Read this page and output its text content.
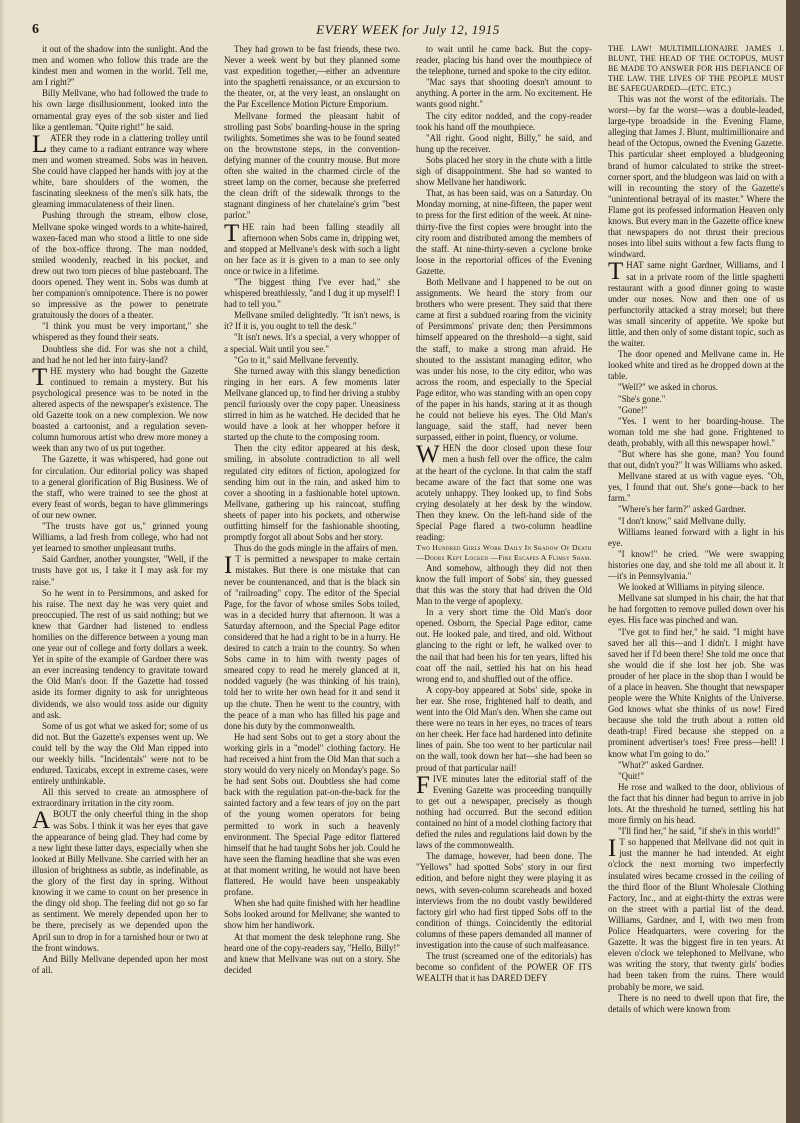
6	EVERY WEEK for July 12, 1915

it out of the shadow into the sunlight. And the men and women who follow this trade are the kindest men and women in the world. Tell me, am I right?"

Billy Mellvane, who had followed the trade to his own large disillusionment, looked into the ornamental gray eyes of the sob sister and lied like a gentleman. "Quite right!" he said.

LATER they rode in a clattering trolley until they came to a radiant entrance way where men and women streamed. Sobs was in heaven. She could have clapped her hands with joy at the white, bare shoulders of the women, the fascinating sleekness of the men's silk hats, the gleaming immaculateness of their linen.

Pushing through the stream, elbow close, Mellvane spoke winged words to a white-haired, waxen-faced man who stood a little to one side of the box-office throng. The man nodded, smiled woodenly, reached in his pocket, and drew out two torn pieces of blue pasteboard. The doors opened. They went in. Sobs was dumb at her companion's omnipotence. There is no power so impressive as the power to penetrate gratuitously the doors of a theater.

"I think you must be very important," she whispered as they found their seats.

Doubtless she did. For was she not a child, and had he not led her into fairy-land?

THE mystery who had bought the Gazette continued to remain a mystery. But his psychological presence was to be noted in the altered aspects of the newspaper's existence. The old Gazette took on a new complexion. We now boasted a cartoonist, and a regulation seven-column humorous artist who drew more money a week than any two of us put together.

The Gazette, it was whispered, had gone out for circulation. Our editorial policy was shaped to a general glorification of Big Business. We of the staff, who were trained to see the ghost at every feast of words, began to have glimmerings of our new owner.

"The trusts have got us," grinned young Williams, a lad fresh from college, who had not yet learned to smother unpleasant truths.

Said Gardner, another youngster, "Well, if the trusts have got us, I take it I may ask for my raise."

So he went in to Persimmons, and asked for his raise. The next day he was very quiet and preoccupied. The rest of us said nothing; but we knew that Gardner had listened to endless homilies on the difference between a young man one year out of college and forty dollars a week. Yet in spite of the example of Gardner there was an ever increasing tendency to gravitate toward the Old Man's door. If the Gazette had tossed aside its former dignity to ask for unrighteous dividends, we also would toss aside our dignity and ask.

Some of us got what we asked for; some of us did not. But the Gazette's expenses went up. We could tell by the way the Old Man ripped into our weekly bills. "Incidentals" were not to be endured. Taxicabs, except in extreme cases, were entirely unthinkable.

All this served to create an atmosphere of extraordinary irritation in the city room.

ABOUT the only cheerful thing in the shop was Sobs. I think it was her eyes that gave the appearance of being glad. They had come by a new light these latter days, especially when she looked at Billy Mellvane. She carried with her an illusion of brightness as subtle, as indefinable, as the glory of the first day in spring. Without knowing it we came to count on her presence in the dingy old shop. The feeling did not go so far as sentiment. We merely depended upon her to be there, precisely as we depended upon the April sun to drop in for a tarnished hour or two at the front windows.

And Billy Mellvane depended upon her most of all.

They had grown to be fast friends, these two. Never a week went by but they planned some vast expedition together,—either an adventure into the spaghetti renaissance, or an excursion to the theater, or, at the very least, an onslaught on the Par Excellence Motion Picture Emporium.

Mellvane formed the pleasant habit of strolling past Sobs' boarding-house in the spring twilights. Sometimes she was to be found seated on the brownstone steps, in the convention-defying manner of the country mouse. But more often she waited in the charmed circle of the street lamp on the corner, because she preferred the clean drift of the sidewalk throngs to the stagnant dinginess of her chatelaine's grim "best parlor."

THE rain had been falling steadily all afternoon when Sobs came in, dripping wet, and stopped at Mellvane's desk with such a light on her face as it is given to a man to see only once or twice in a lifetime.

"The biggest thing I've ever had," she whispered breathlessly, "and I dug it up myself! I had to tell you."

Mellvane smiled delightedly. "It isn't news, is it? If it is, you ought to tell the desk."

"It isn't news. It's a special, a very whopper of a special. Wait until you see."

"Go to it," said Mellvane fervently.

She turned away with this slangy benediction ringing in her ears. A few moments later Mellvane glanced up, to find her driving a stubby pencil furiously over the copy paper. Uneasiness stirred in him as he watched. He decided that he would have a look at her whopper before it started up the chute to the composing room.

Then the city editor appeared at his desk, smiling, in absolute contradiction to all well regulated city editors of fiction, apologized for sending him out in the rain, and asked him to cover a shooting in a fashionable hotel uptown. Mellvane, gathering up his raincoat, stuffing sheets of paper into his pockets, and otherwise outfitting himself for the fashionable shooting, promptly forgot all about Sobs and her story.

Thus do the gods mingle in the affairs of men.

IT is permitted a newspaper to make certain mistakes. But there is one mistake that can never be countenanced, and that is the black sin of "railroading" copy. The editor of the Special Page, for the favor of whose smiles Sobs toiled, was in a decided hurry that afternoon. It was a Saturday afternoon, and the Special Page editor considered that he had a right to be in a hurry. He desired to catch a train to the country. So when Sobs came in to him with twenty pages of smeared copy to read he merely glanced at it, nodded vaguely (he was thinking of his train), told her to write her own head for it and send it up the chute. Then he went to the country, with the peace of a man who has filled his page and done his duty by the commonwealth.

He had sent Sobs out to get a story about the working girls in a "model" clothing factory. He had received a hint from the Old Man that such a story would do very nicely on Monday's page. So he had sent Sobs out. Doubtless she had come back with the regulation pat-on-the-back for the sainted factory and a few tears of joy on the part of the young women operators for being permitted to work in such a heavenly environment. The Special Page editor flattered himself that he had taught Sobs her job. Could he have seen the flaming headline that she was even at that moment writing, he would not have been flattered. He would have been unspeakably profane.

When she had quite finished with her headline Sobs looked around for Mellvane; she wanted to show him her handiwork.

At that moment the desk telephone rang. She heard one of the copy-readers say, "Hello, Billy!" and knew that Mellvane was out on a story. She decided

to wait until he came back. But the copy-reader, placing his hand over the mouthpiece of the telephone, turned and spoke to the city editor.

"Mac says that shooting doesn't amount to anything. A porter in the arm. No excitement. He wants good night."

The city editor nodded, and the copy-reader took his hand off the mouthpiece.

"All right. Good night, Billy," he said, and hung up the receiver.

Sobs placed her story in the chute with a little sigh of disappointment. She had so wanted to show Mellvane her handiwork.

That, as has been said, was on a Saturday. On Monday morning, at nine-fifteen, the paper went to press for the first edition of the week. At nine-thirty-five the first copies were brought into the city room and distributed among the members of the staff. At nine-thirty-seven a cyclone broke loose in the reportorial offices of the Evening Gazette.

Both Mellvane and I happened to be out on assignments. We heard the story from our brothers who were present. They said that there came at first a subdued roaring from the vicinity of Persimmons' private den; then Persimmons himself appeared on the threshold—a sight, said the staff, to make a strong man afraid. He shouted to the assistant managing editor, who was under his nose, to the city editor, who was across the room, and especially to the Special Page editor, who was standing with an open copy of the paper in his hands, staring at it as though he could not believe his eyes. The Old Man's language, said the staff, had never been surpassed, either in point, fluency, or volume.

WHEN the door closed upon these four men a hush fell over the office, the calm at the heart of the cyclone. In that calm the staff became aware of the fact that some one was acutely unhappy. They looked up, to find Sobs crying desolately at her desk by the window. Then they knew. On the left-hand side of the Special Page flared a two-column headline reading:

Two Hundred Girls Work Daily In Shadow Of Death—Doors Kept Locked —Fire Escapes A Flimsy Sham.

And somehow, although they did not then know the full import of Sobs' sin, they guessed that this was the story that had driven the Old Man to the verge of apoplexy.

In a very short time the Old Man's door opened. Osborn, the Special Page editor, came out. He looked pale, and tired, and old. Without glancing to the right or left, he walked over to the nail that had been his for ten years, lifted his coat off the nail, settled his hat on his head wrong end to, and shuffled out of the office.

A copy-boy appeared at Sobs' side, spoke in her ear. She rose, frightened half to death, and went into the Old Man's den. When she came out there were no tears in her eyes, no traces of tears on her cheek. Her face had hardened into definite lines of pain. She too went to her particular nail on the wall, took down her hat—she had been so proud of that particular nail!

FIVE minutes later the editorial staff of the Evening Gazette was proceeding tranquilly to get out a newspaper, precisely as though nothing had occurred. But the second edition contained no hint of a model clothing factory that defied the rules and regulations laid down by the laws of the commonwealth.

The damage, however, had been done. The "Yellows" had spotted Sobs' story in our first edition, and before night they were playing it as news, with seven-column scareheads and boxed interviews from the no doubt vastly bewildered factory girl who had first tipped Sobs off to the condition of things. Coincidently the editorial columns of these papers demanded all manner of investigation into the cause of such malfeasance.

The trust (screamed one of the editorials) has become so confident of the POWER OF ITS WEALTH that it has DARED DEFY

THE LAW! MULTIMILLIONAIRE JAMES J. BLUNT, THE HEAD OF THE OCTOPUS, MUST BE MADE TO ANSWER FOR HIS DEFIANCE OF THE LAW. THE LIVES OF THE PEOPLE MUST BE SAFEGUARDED—(ETC. ETC.)

This was not the worst of the editorials. The worst—by far the worst—was a double-leaded, large-type broadside in the Evening Flame, alleging that James J. Blunt, multimillionaire and head of the Octopus, owned the Evening Gazette. This particular sheet employed a bludgeoning brand of humor calculated to strike the street-corner sport, and the bludgeon was laid on with a will in recounting the story of the Gazette's "unintentional betrayal of its master." Where the Flame got its professed information Heaven only knows. But every man in the Gazette office knew that newspapers do not thrust their precious noses into libel suits without a few facts flung to windward.

THAT same night Gardner, Williams, and I sat in a private room of the little spaghetti restaurant with a good dinner going to waste under our noses. Now and then one of us perfunctorily attacked a stray morsel; but there was small sincerity of appetite. We spoke but little, and then only of some distant topic, such as the waiter.

The door opened and Mellvane came in. He looked white and tired as he dropped down at the table.

"Well?" we asked in chorus.

"She's gone."

"Gone!"

"Yes. I went to her boarding-house. The woman told me she had gone. Frightened to death, probably, with all this newspaper howl."

"But where has she gone, man? You found that out, didn't you?" It was Williams who asked.

Mellvane stared at us with vague eyes. "Oh, yes, I found that out. She's gone—back to her farm."

"Where's her farm?" asked Gardner.

"I don't know," said Mellvane dully.

Williams leaned forward with a light in his eye.

"I know!" he cried. "We were swapping histories one day, and she told me all about it. It—it's in Pennsylvania."

We looked at Williams in pitying silence.

Mellvane sat slumped in his chair, the hat that he had forgotten to remove pulled down over his eyes. His face was pinched and wan.

"I've got to find her," he said. "I might have saved her all this—and I didn't. I might have saved her if I'd been there! She told me once that she would die if she lost her job. She was prouder of her place in the shop than I would be of a place in heaven. She thought that newspaper people were the White Knights of the Universe. God knows what she thinks of us now! Fired because she told the truth about a rotten old death-trap! Fired because she stepped on a prominent advertiser's toes! Free press—hell! I know what I'm going to do."

"What?" asked Gardner.

"Quit!"

He rose and walked to the door, oblivious of the fact that his dinner had begun to arrive in job lots. At the threshold he turned, settling his hat more firmly on his head.

"I'll find her," he said, "if she's in this world!"

IT so happened that Mellvane did not quit in just the manner he had intended. At eight o'clock the next morning two imperfectly insulated wires became crossed in the ceiling of the third floor of the Blunt Wholesale Clothing Factory, Inc., and at eight-thirty the extras were on the street with a partial list of the dead. Williams, Gardner, and I, with two men from Police Headquarters, were covering for the Gazette. It was the biggest fire in ten years. At eleven o'clock we telephoned to Mellvane, who was writing the story, that twenty girls' bodies had been taken from the ruins. There would probably be more, we said.

There is no need to dwell upon that fire, the details of which were known from
